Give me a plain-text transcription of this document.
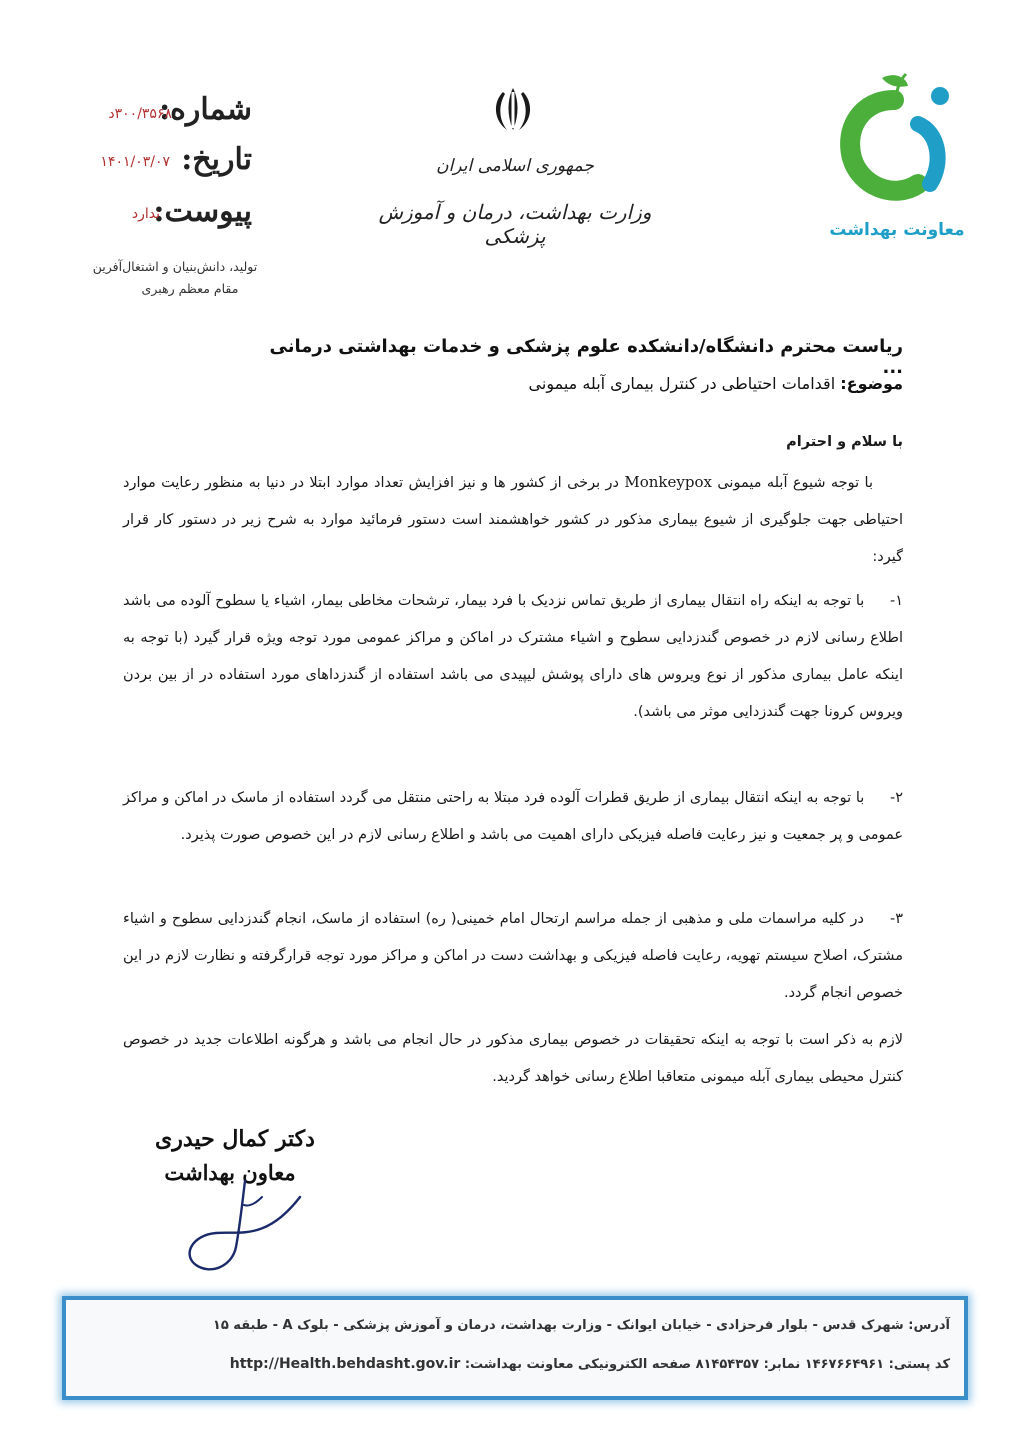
شماره:
۳۰۰/۳۵۶۸د
تاریخ:
۱۴۰۱/۰۳/۰۷
پیوست:
ندارد
تولید، دانش‌بنیان و اشتغال‌آفرین
مقام معظم رهبری
جمهوری اسلامی ایران
وزارت بهداشت، درمان و آموزش پزشکی	معاونت بهداشت
ریاست محترم دانشگاه/دانشکده علوم پزشکی و خدمات بهداشتی درمانی ...
موضوع: اقدامات احتیاطی در کنترل بیماری آبله میمونی
با سلام و احترام
با توجه شیوع آبله میمونی Monkeypox در برخی از کشور ها و نیز افزایش تعداد موارد ابتلا در دنیا به منظور رعایت موارد احتیاطی جهت جلوگیری از شیوع بیماری مذکور در کشور خواهشمند است دستور فرمائید موارد به شرح زیر در دستور کار قرار گیرد:
۱- با توجه به اینکه راه انتقال بیماری از طریق تماس نزدیک با فرد بیمار، ترشحات مخاطی بیمار، اشیاء یا سطوح آلوده می باشد اطلاع رسانی لازم در خصوص گندزدایی سطوح و اشیاء مشترک در اماکن و مراکز عمومی مورد توجه ویژه قرار گیرد (با توجه به اینکه عامل بیماری مذکور از نوع ویروس های دارای پوشش لیپیدی می باشد استفاده از گندزداهای مورد استفاده در از بین بردن ویروس کرونا جهت گندزدایی موثر می باشد).
۲- با توجه به اینکه انتقال بیماری از طریق قطرات آلوده فرد مبتلا به راحتی منتقل می گردد استفاده از ماسک در اماکن و مراکز عمومی و پر جمعیت و نیز رعایت فاصله فیزیکی دارای اهمیت می باشد و اطلاع رسانی لازم در این خصوص صورت پذیرد.
۳- در کلیه مراسمات ملی و مذهبی از جمله مراسم ارتحال امام خمینی( ره) استفاده از ماسک، انجام گندزدایی سطوح و اشیاء مشترک، اصلاح سیستم تهویه، رعایت فاصله فیزیکی و بهداشت دست در اماکن و مراکز مورد توجه قرارگرفته و نظارت لازم در این خصوص انجام گردد.
لازم به ذکر است با توجه به اینکه تحقیقات در خصوص بیماری مذکور در حال انجام می باشد و هرگونه اطلاعات جدید در خصوص کنترل محیطی بیماری آبله میمونی متعاقبا اطلاع رسانی خواهد گردید.
دکتر کمال حیدری
معاون بهداشت
آدرس: شهرک قدس - بلوار فرحزادی - خیابان ایوانک - وزارت بهداشت، درمان و آموزش پزشکی - بلوک A - طبقه ۱۵
کد پستی: ۱۴۶۷۶۶۴۹۶۱ نمابر: ۸۱۴۵۴۳۵۷ صفحه الکترونیکی معاونت بهداشت: http://Health.behdasht.gov.ir
